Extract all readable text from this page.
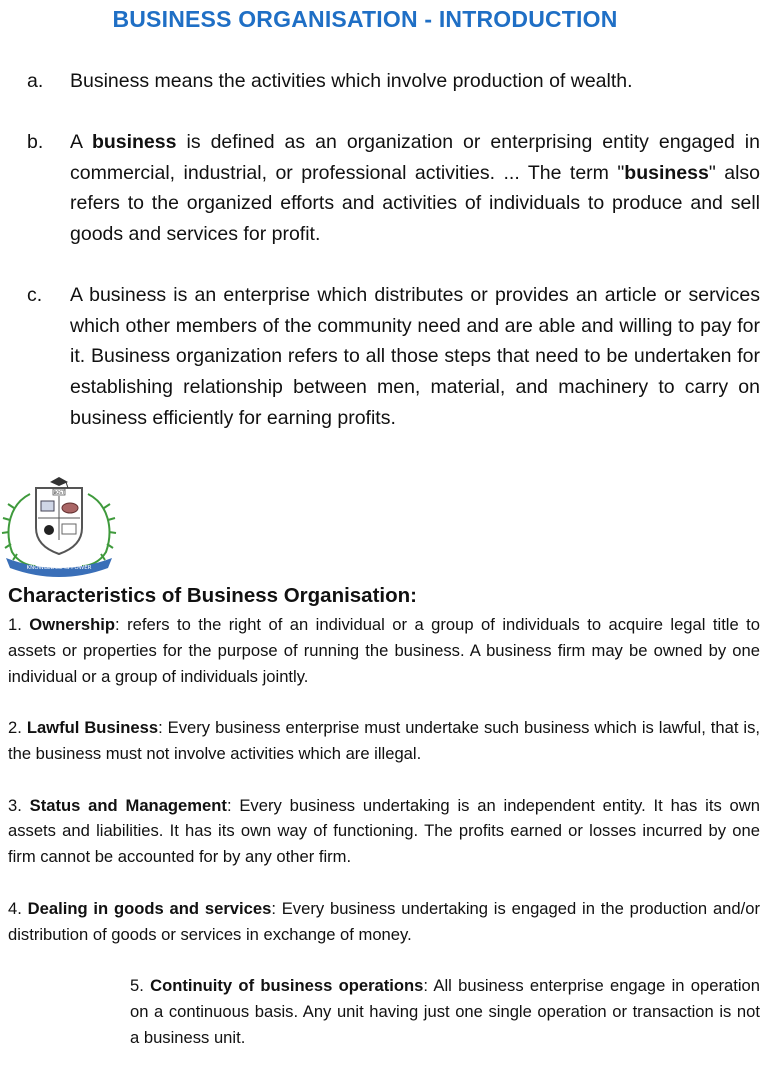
BUSINESS ORGANISATION - INTRODUCTION
a. Business means the activities which involve production of wealth.
b. A business is defined as an organization or enterprising entity engaged in commercial, industrial, or professional activities. ... The term "business" also refers to the organized efforts and activities of individuals to produce and sell goods and services for profit.
c. A business is an enterprise which distributes or provides an article or services which other members of the community need and are able and willing to pay for it. Business organization refers to all those steps that need to be undertaken for establishing relationship between men, material, and machinery to carry on business efficiently for earning profits.
BOST
KNOWLEDGE IS POWER
Characteristics of Business Organisation:

1. Ownership: refers to the right of an individual or a group of individuals to acquire legal title to assets or properties for the purpose of running the business. A business firm may be owned by one individual or a group of individuals jointly.

2. Lawful Business: Every business enterprise must undertake such business which is lawful, that is, the business must not involve activities which are illegal.

3. Status and Management: Every business undertaking is an independent entity. It has its own assets and liabilities. It has its own way of functioning. The profits earned or losses incurred by one firm cannot be accounted for by any other firm.

4. Dealing in goods and services: Every business undertaking is engaged in the production and/or distribution of goods or services in exchange of money.

5. Continuity of business operations: All business enterprise engage in operation on a continuous basis. Any unit having just one single operation or transaction is not a business unit.
